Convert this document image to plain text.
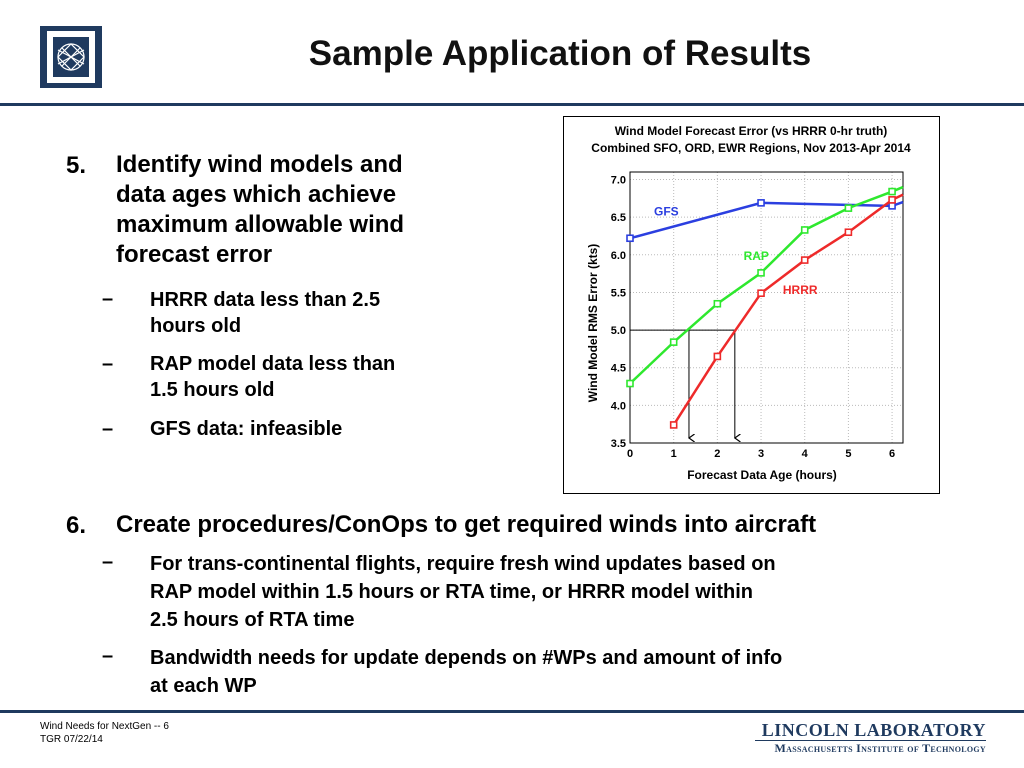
Sample Application of Results
5. Identify wind models and
data ages which achieve
maximum allowable wind
forecast error
– HRRR data less than 2.5
hours old
– RAP model data less than
1.5 hours old
– GFS data: infeasible
Wind Model Forecast Error (vs HRRR 0-hr truth)
Combined SFO, ORD, EWR Regions, Nov 2013-Apr 2014
0	1	2	3	4	5	6
3.5
4.0
4.5
5.0
5.5
6.0
6.5
7.0
GFS
RAP
HRRR
Forecast Data Age (hours)
Wind Model RMS Error (kts)
6. Create procedures/ConOps to get required winds into aircraft
– For trans-continental flights, require fresh wind updates based on
RAP model within 1.5 hours or RTA time, or HRRR model within
2.5 hours of RTA time
– Bandwidth needs for update depends on #WPs and amount of info
at each WP
Wind Needs for NextGen -- 6
TGR 07/22/14	LINCOLN LABORATORY
Massachusetts Institute of Technology
